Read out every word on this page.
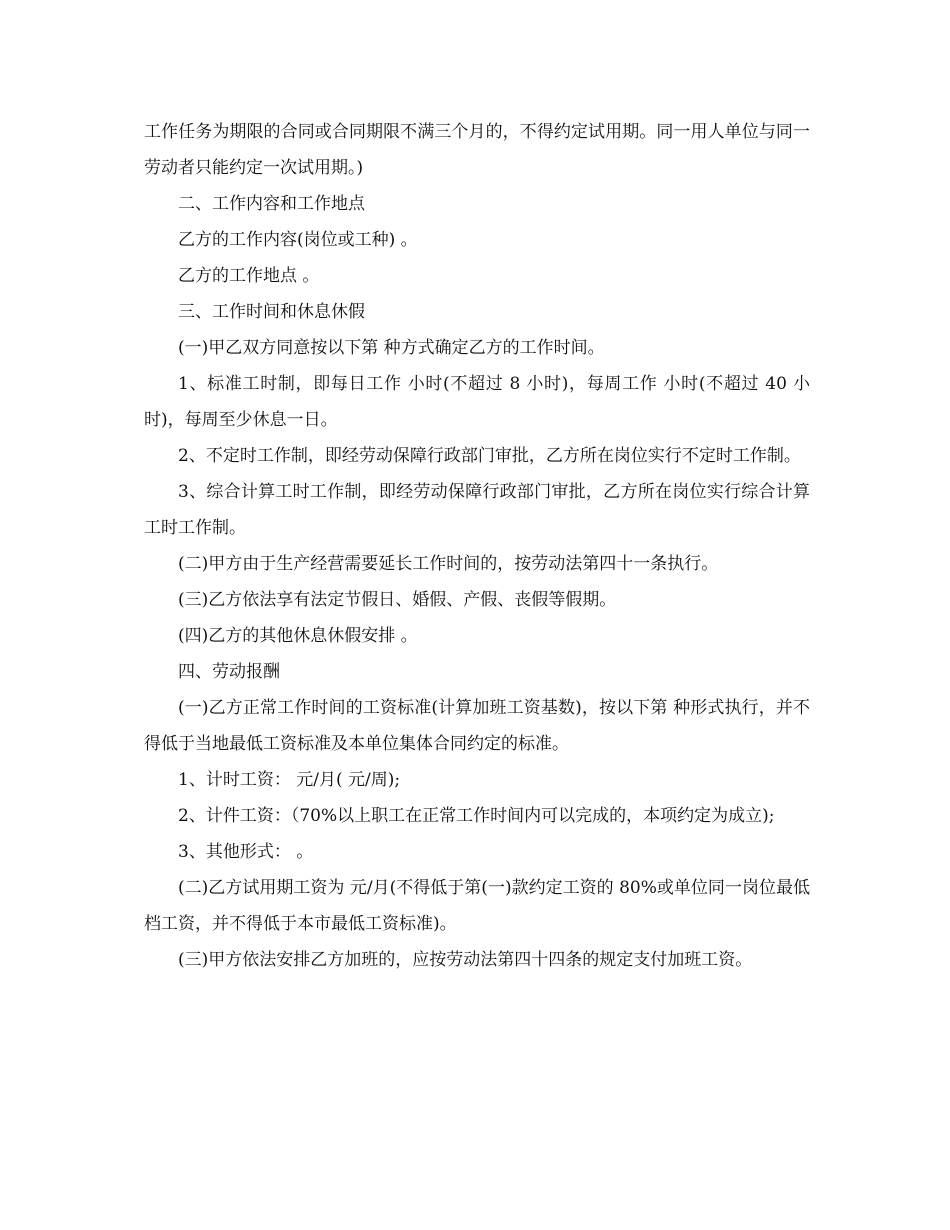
工作任务为期限的合同或合同期限不满三个月的，不得约定试用期。同一用人单位与同一劳动者只能约定一次试用期。)

二、工作内容和工作地点

乙方的工作内容(岗位或工种) 。

乙方的工作地点 。

三、工作时间和休息休假

(一)甲乙双方同意按以下第 种方式确定乙方的工作时间。

1、标准工时制，即每日工作 小时(不超过 8 小时)，每周工作 小时(不超过 40 小时)，每周至少休息一日。

2、不定时工作制，即经劳动保障行政部门审批，乙方所在岗位实行不定时工作制。

3、综合计算工时工作制，即经劳动保障行政部门审批，乙方所在岗位实行综合计算工时工作制。

(二)甲方由于生产经营需要延长工作时间的，按劳动法第四十一条执行。

(三)乙方依法享有法定节假日、婚假、产假、丧假等假期。

(四)乙方的其他休息休假安排 。

四、劳动报酬

(一)乙方正常工作时间的工资标准(计算加班工资基数)，按以下第 种形式执行，并不得低于当地最低工资标准及本单位集体合同约定的标准。

1、计时工资： 元/月( 元/周);

2、计件工资：（70%以上职工在正常工作时间内可以完成的，本项约定为成立);

3、其他形式： 。

(二)乙方试用期工资为 元/月(不得低于第(一)款约定工资的 80%或单位同一岗位最低档工资，并不得低于本市最低工资标准)。

(三)甲方依法安排乙方加班的，应按劳动法第四十四条的规定支付加班工资。
